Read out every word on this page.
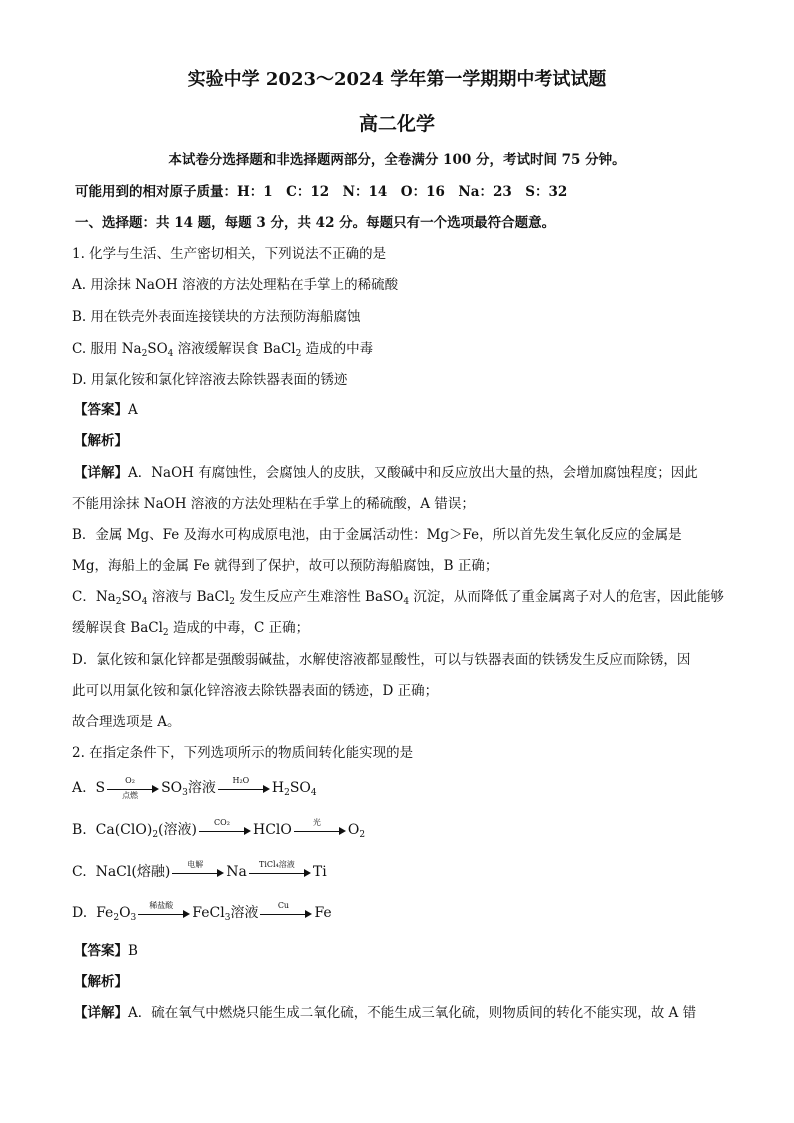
实验中学 2023～2024 学年第一学期期中考试试题
高二化学
本试卷分选择题和非选择题两部分，全卷满分 100 分，考试时间 75 分钟。
可能用到的相对原子质量：H：1　C：12　N：14　O：16　Na：23　S：32
一、选择题：共 14 题，每题 3 分，共 42 分。每题只有一个选项最符合题意。
1. 化学与生活、生产密切相关，下列说法不正确的是
A. 用涂抹 NaOH 溶液的方法处理粘在手掌上的稀硫酸
B. 用在铁壳外表面连接镁块的方法预防海船腐蚀
C. 服用 $Na_2SO_4$ 溶液缓解误食 BaCl$_2$ 造成的中毒
D. 用氯化铵和氯化锌溶液去除铁器表面的锈迹
【答案】A
【解析】
【详解】A．NaOH 有腐蚀性，会腐蚀人的皮肤，又酸碱中和反应放出大量的热，会增加腐蚀程度；因此
不能用涂抹 NaOH 溶液的方法处理粘在手掌上的稀硫酸，A 错误；
B．金属 Mg、Fe 及海水可构成原电池，由于金属活动性：Mg＞Fe，所以首先发生氧化反应的金属是
Mg，海船上的金属 Fe 就得到了保护，故可以预防海船腐蚀，B 正确；
C．$Na_2SO_4$ 溶液与 BaCl$_2$ 发生反应产生难溶性 BaSO$_4$ 沉淀，从而降低了重金属离子对人的危害，因此能够
缓解误食 BaCl$_2$ 造成的中毒，C 正确；
D．氯化铵和氯化锌都是强酸弱碱盐，水解使溶液都显酸性，可以与铁器表面的铁锈发生反应而除锈，因
此可以用氯化铵和氯化锌溶液去除铁器表面的锈迹，D 正确；
故合理选项是 A。
2. 在指定条件下，下列选项所示的物质间转化能实现的是
A. S	O₂
点燃	$SO_3$溶液	H₂O	$H_2SO_4$
B. $Ca(ClO)_2$(溶液)	CO₂	HClO	光	$O_2$
C. NaCl(熔融)	电解	Na	TiCl₄溶液	Ti
D. $Fe_2O_3$
稀盐酸	FeCl$_3$溶液	Cu	Fe
【答案】B
【解析】
【详解】A．硫在氧气中燃烧只能生成二氧化硫，不能生成三氧化硫，则物质间的转化不能实现，故 A 错
